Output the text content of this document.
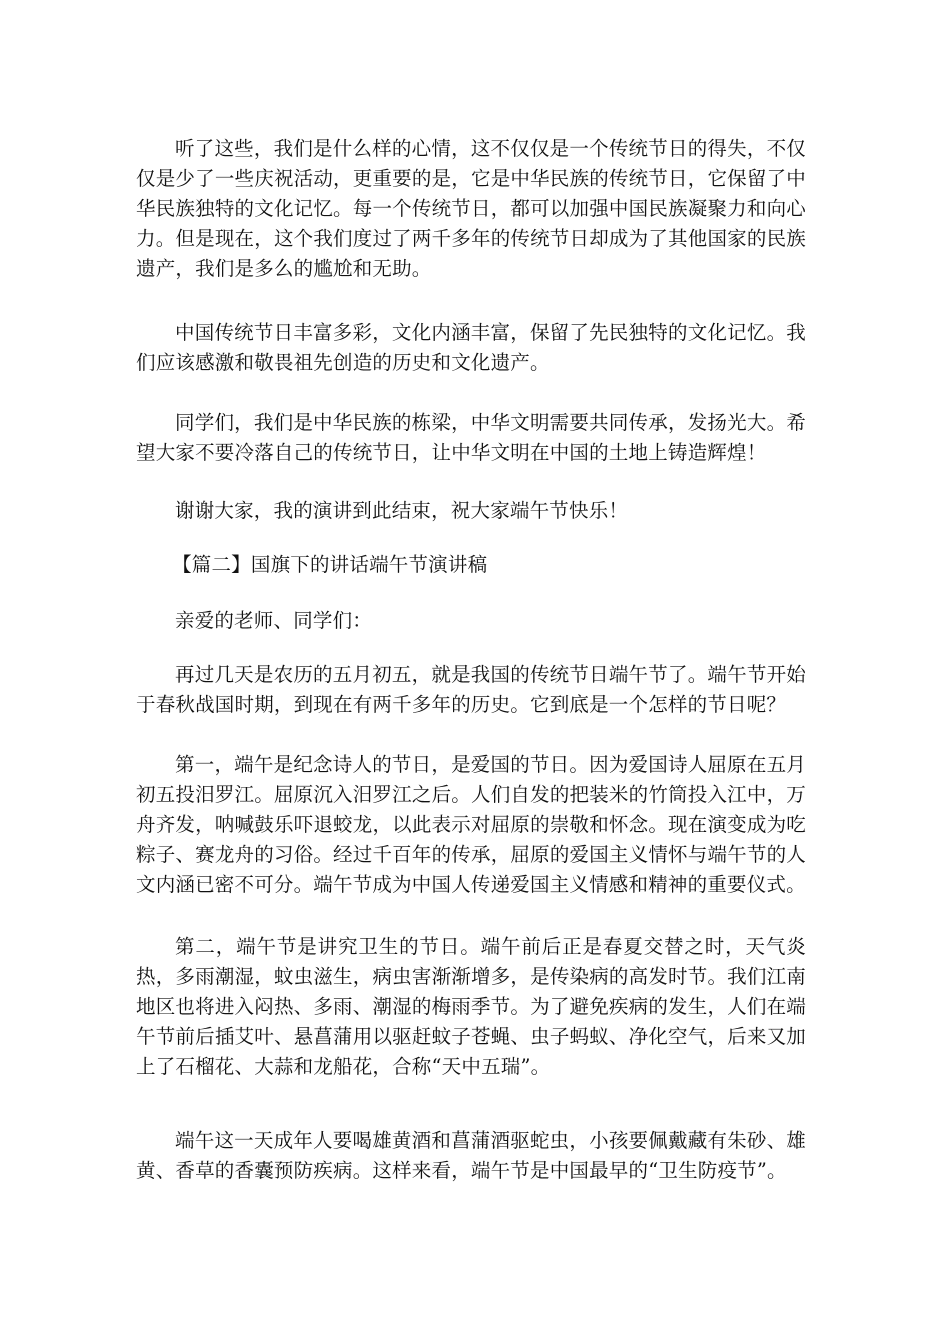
听了这些，我们是什么样的心情，这不仅仅是一个传统节日的得失，不仅仅是少了一些庆祝活动，更重要的是，它是中华民族的传统节日，它保留了中华民族独特的文化记忆。每一个传统节日，都可以加强中国民族凝聚力和向心力。但是现在，这个我们度过了两千多年的传统节日却成为了其他国家的民族遗产，我们是多么的尴尬和无助。

中国传统节日丰富多彩，文化内涵丰富，保留了先民独特的文化记忆。我们应该感激和敬畏祖先创造的历史和文化遗产。

同学们，我们是中华民族的栋梁，中华文明需要共同传承，发扬光大。希望大家不要冷落自己的传统节日，让中华文明在中国的土地上铸造辉煌！

谢谢大家，我的演讲到此结束，祝大家端午节快乐！

【篇二】国旗下的讲话端午节演讲稿

亲爱的老师、同学们：

再过几天是农历的五月初五，就是我国的传统节日端午节了。端午节开始于春秋战国时期，到现在有两千多年的历史。它到底是一个怎样的节日呢？

第一，端午是纪念诗人的节日，是爱国的节日。因为爱国诗人屈原在五月初五投汨罗江。屈原沉入汨罗江之后。人们自发的把装米的竹筒投入江中，万舟齐发，呐喊鼓乐吓退蛟龙，以此表示对屈原的崇敬和怀念。现在演变成为吃粽子、赛龙舟的习俗。经过千百年的传承，屈原的爱国主义情怀与端午节的人文内涵已密不可分。端午节成为中国人传递爱国主义情感和精神的重要仪式。

第二，端午节是讲究卫生的节日。端午前后正是春夏交替之时，天气炎热，多雨潮湿，蚊虫滋生，病虫害渐渐增多，是传染病的高发时节。我们江南地区也将进入闷热、多雨、潮湿的梅雨季节。为了避免疾病的发生，人们在端午节前后插艾叶、悬菖蒲用以驱赶蚊子苍蝇、虫子蚂蚁、净化空气，后来又加上了石榴花、大蒜和龙船花，合称“天中五瑞”。

端午这一天成年人要喝雄黄酒和菖蒲酒驱蛇虫，小孩要佩戴藏有朱砂、雄黄、香草的香囊预防疾病。这样来看，端午节是中国最早的“卫生防疫节”。
